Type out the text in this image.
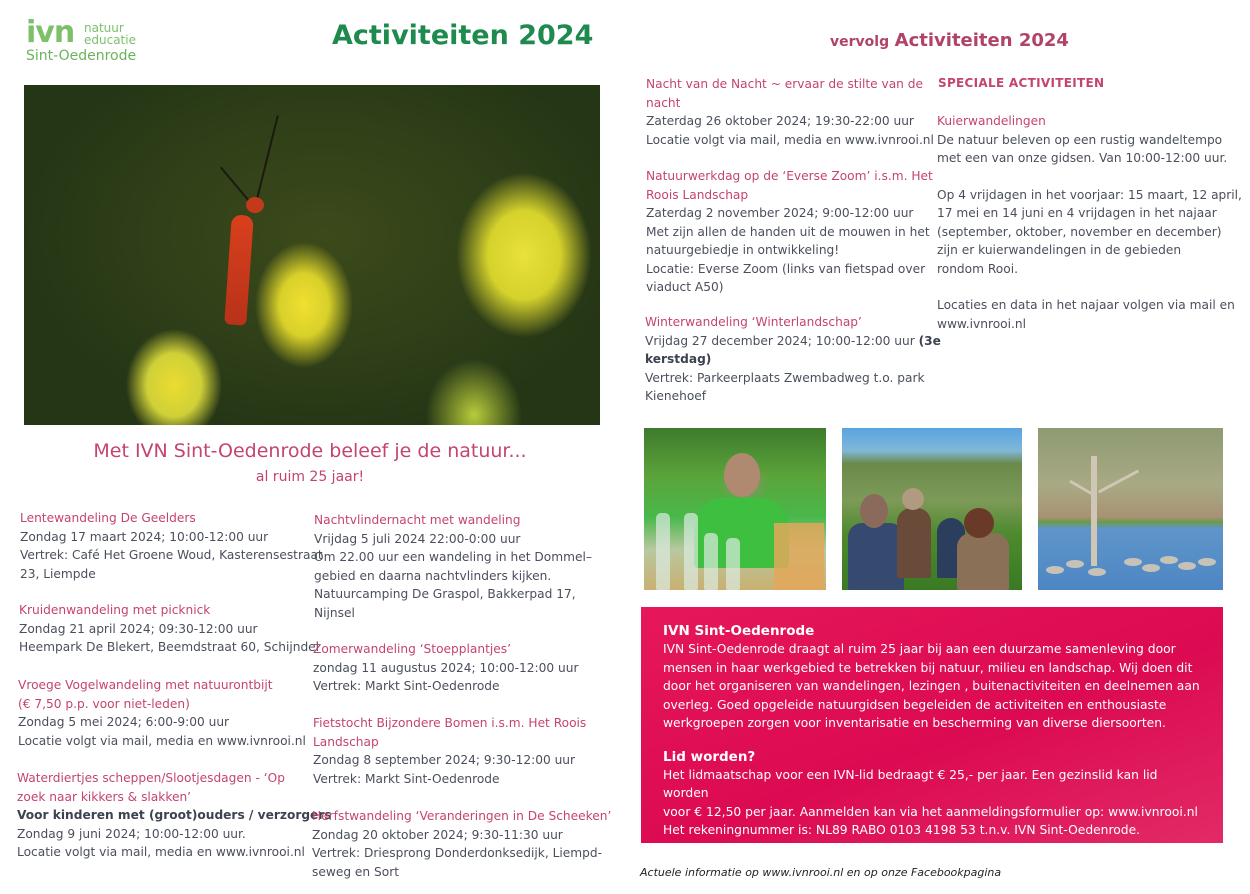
ivn natuur
educatie
Sint-Oedenrode
Activiteiten 2024
Met IVN Sint-Oedenrode beleef je de natuur...
al ruim 25 jaar!
Lentewandeling De Geelders
Zondag 17 maart 2024; 10:00-12:00 uur
Vertrek: Café Het Groene Woud, Kasterensestraat
23, Liempde
Kruidenwandeling met picknick
Zondag 21 april 2024; 09:30-12:00 uur
Heempark De Blekert, Beemdstraat 60, Schijndel
Vroege Vogelwandeling met natuurontbijt
(€ 7,50 p.p. voor niet-leden)
Zondag 5 mei 2024; 6:00-9:00 uur
Locatie volgt via mail, media en www.ivnrooi.nl
Waterdiertjes scheppen/Slootjesdagen - ‘Op
zoek naar kikkers & slakken’
Voor kinderen met (groot)ouders / verzorgers
Zondag 9 juni 2024; 10:00-12:00 uur.
Locatie volgt via mail, media en www.ivnrooi.nl
Nachtvlindernacht met wandeling
Vrijdag 5 juli 2024 22:00-0:00 uur
Om 22.00 uur een wandeling in het Dommel–
gebied en daarna nachtvlinders kijken.
Natuurcamping De Graspol, Bakkerpad 17,
Nijnsel
Zomerwandeling ‘Stoepplantjes’
zondag 11 augustus 2024; 10:00-12:00 uur
Vertrek: Markt Sint-Oedenrode
Fietstocht Bijzondere Bomen i.s.m. Het Roois
Landschap
Zondag 8 september 2024; 9:30-12:00 uur
Vertrek: Markt Sint-Oedenrode
Herfstwandeling ‘Veranderingen in De Scheeken’
Zondag 20 oktober 2024; 9:30-11:30 uur
Vertrek: Driesprong Donderdonksedijk, Liempd-
seweg en Sort
vervolg Activiteiten 2024
Nacht van de Nacht ~ ervaar de stilte van de
nacht
Zaterdag 26 oktober 2024; 19:30-22:00 uur
Locatie volgt via mail, media en www.ivnrooi.nl
Natuurwerkdag op de ‘Everse Zoom’ i.s.m. Het
Roois Landschap
Zaterdag 2 november 2024; 9:00-12:00 uur
Met zijn allen de handen uit de mouwen in het
natuurgebiedje in ontwikkeling!
Locatie: Everse Zoom (links van fietspad over
viaduct A50)
Winterwandeling ‘Winterlandschap’
Vrijdag 27 december 2024; 10:00-12:00 uur (3e
kerstdag)
Vertrek: Parkeerplaats Zwembadweg t.o. park
Kienehoef
SPECIALE ACTIVITEITEN
Kuierwandelingen
De natuur beleven op een rustig wandeltempo
met een van onze gidsen. Van 10:00-12:00 uur.
Op 4 vrijdagen in het voorjaar: 15 maart, 12 april,
17 mei en 14 juni en 4 vrijdagen in het najaar
(september, oktober, november en december)
zijn er kuierwandelingen in de gebieden
rondom Rooi.
Locaties en data in het najaar volgen via mail en
www.ivnrooi.nl
IVN Sint-Oedenrode

IVN Sint-Oedenrode draagt al ruim 25 jaar bij aan een duurzame samenleving door mensen in haar werkgebied te betrekken bij natuur, milieu en landschap. Wij doen dit door het organiseren van wandelingen, lezingen , buitenactiviteiten en deelnemen aan overleg. Goed opgeleide natuurgidsen begeleiden de activiteiten en enthousiaste werkgroepen zorgen voor inventarisatie en bescherming van diverse diersoorten.

Lid worden?

Het lidmaatschap voor een IVN-lid bedraagt € 25,- per jaar. Een gezinslid kan lid worden
voor € 12,50 per jaar. Aanmelden kan via het aanmeldingsformulier op: www.ivnrooi.nl
Het rekeningnummer is: NL89 RABO 0103 4198 53 t.n.v. IVN Sint-Oedenrode.

Actuele informatie op www.ivnrooi.nl en op onze Facebookpagina
